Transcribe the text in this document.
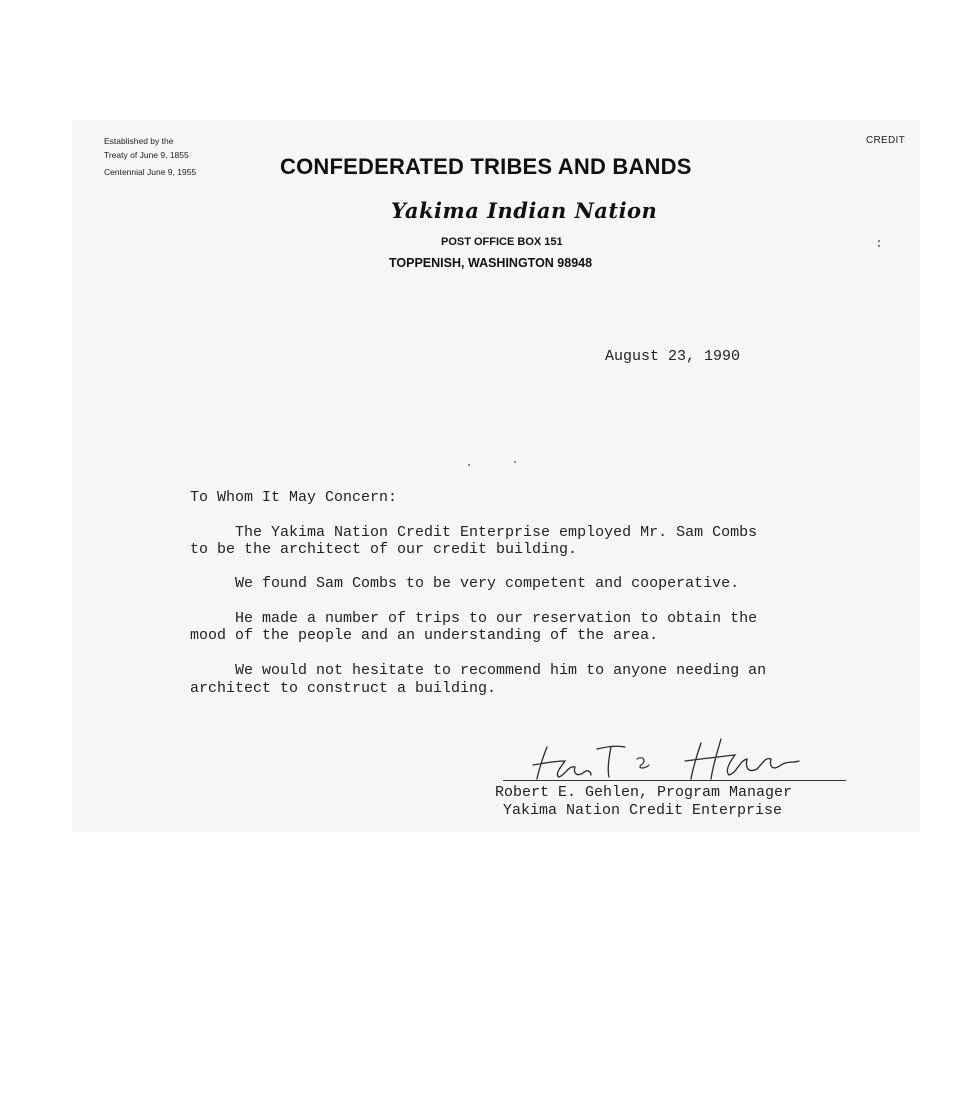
Established by the
Treaty of June 9, 1855
Centennial June 9, 1955
CREDIT
CONFEDERATED TRIBES AND BANDS
Yakima Indian Nation
POST OFFICE BOX 151
TOPPENISH, WASHINGTON 98948
August 23, 1990
To Whom It May Concern:
The Yakima Nation Credit Enterprise employed Mr. Sam Combs
to be the architect of our credit building.
We found Sam Combs to be very competent and cooperative.
He made a number of trips to our reservation to obtain the
mood of the people and an understanding of the area.
We would not hesitate to recommend him to anyone needing an
architect to construct a building.
Robert E. Gehlen, Program Manager
Yakima Nation Credit Enterprise
